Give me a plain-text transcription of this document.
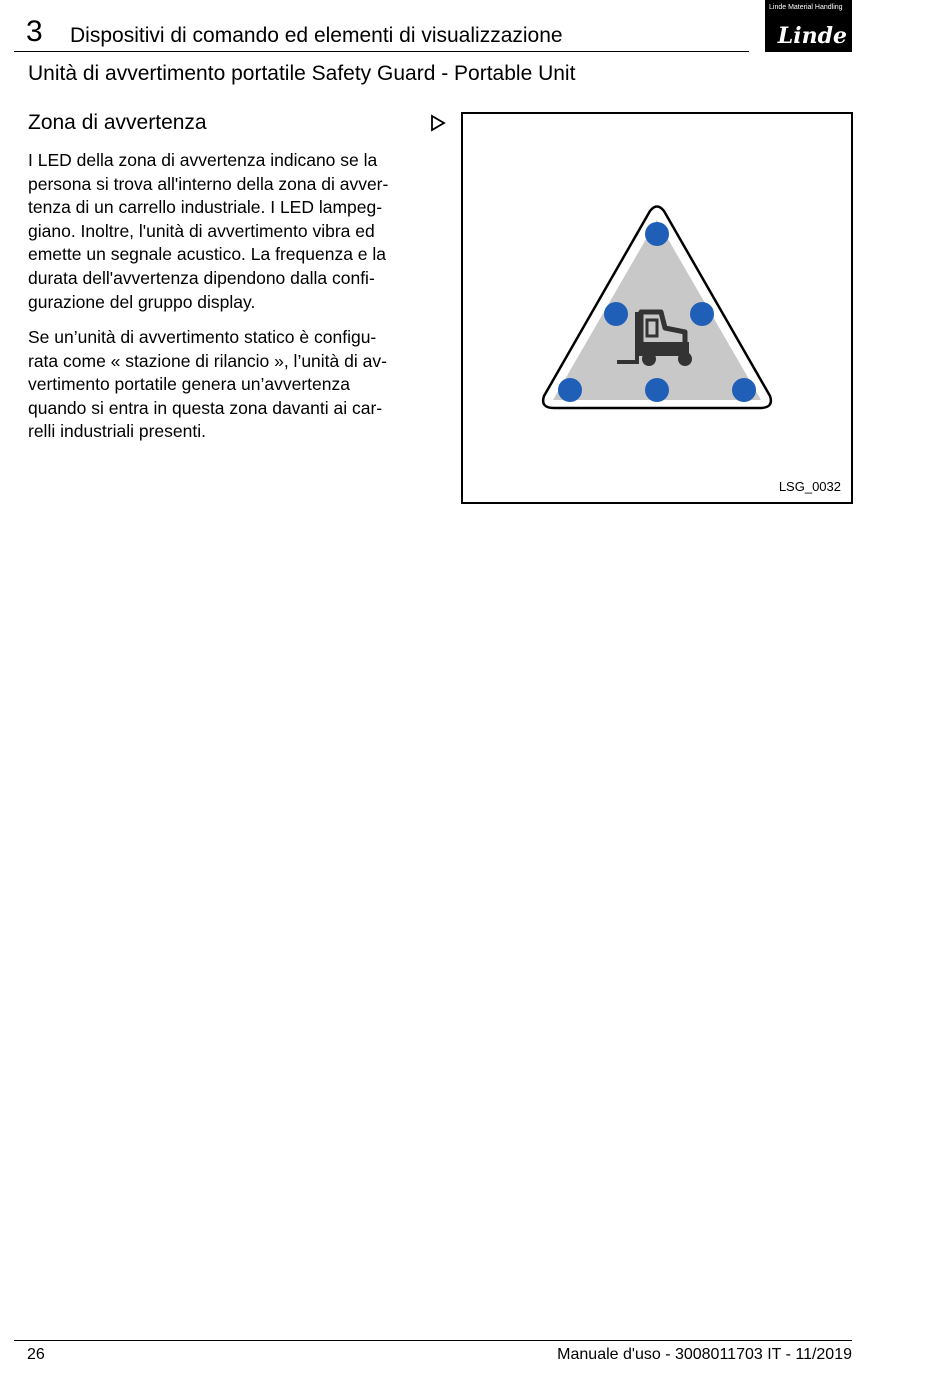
3 Dispositivi di comando ed elementi di visualizzazione
Linde Material Handling
Linde
Unità di avvertimento portatile Safety Guard - Portable Unit
Zona di avvertenza

I LED della zona di avvertenza indicano se la
persona si trova all'interno della zona di avver-
tenza di un carrello industriale. I LED lampeg-
giano. Inoltre, l'unità di avvertimento vibra ed
emette un segnale acustico. La frequenza e la
durata dell'avvertenza dipendono dalla confi-
gurazione del gruppo display.

Se un’unità di avvertimento statico è configu-
rata come « stazione di rilancio », l’unità di av-
vertimento portatile genera un’avvertenza
quando si entra in questa zona davanti ai car-
relli industriali presenti.

LSG_0032
26	Manuale d'uso - 3008011703 IT - 11/2019
